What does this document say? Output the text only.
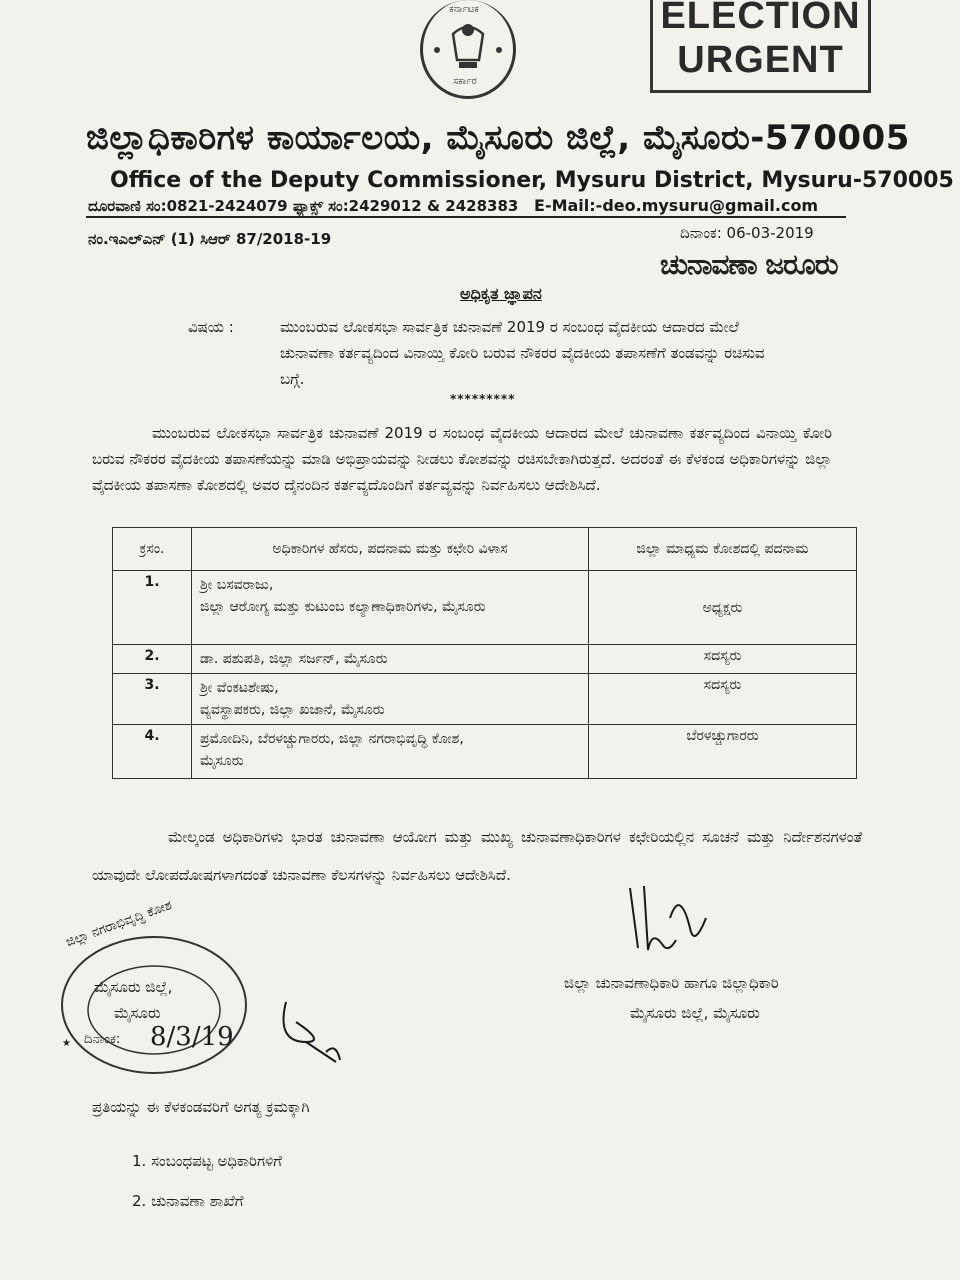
ಕರ್ನಾಟಕ
ಸರ್ಕಾರ
ELECTION
URGENT
ಜಿಲ್ಲಾಧಿಕಾರಿಗಳ ಕಾರ್ಯಾಲಯ, ಮೈಸೂರು ಜಿಲ್ಲೆ, ಮೈಸೂರು-570005
Office of the Deputy Commissioner, Mysuru District, Mysuru-570005
ದೂರವಾಣಿ ಸಂ:0821-2424079 ಫ್ಯಾಕ್ಸ್ ಸಂ:2429012 & 2428383 E-Mail:-deo.mysuru@gmail.com
ನಂ.ಇಎಲ್ಎನ್ (1) ಸಿಆರ್ 87/2018-19	ದಿನಾಂಕ: 06-03-2019
ಚುನಾವಣಾ ಜರೂರು
ಅಧಿಕೃತ ಜ್ಞಾಪನ
ವಿಷಯ :	ಮುಂಬರುವ ಲೋಕಸಭಾ ಸಾರ್ವತ್ರಿಕ ಚುನಾವಣೆ 2019 ರ ಸಂಬಂಧ ವೈದಕೀಯ ಆದಾರದ ಮೇಲೆ ಚುನಾವಣಾ ಕರ್ತವ್ಯದಿಂದ ವಿನಾಯ್ತಿ ಕೋರಿ ಬರುವ ನೌಕರರ ವೈದಕೀಯ ತಪಾಸಣೆಗೆ ತಂಡವನ್ನು ರಚಿಸುವ ಬಗ್ಗೆ.
*********
ಮುಂಬರುವ ಲೋಕಸಭಾ ಸಾರ್ವತ್ರಿಕ ಚುನಾವಣೆ 2019 ರ ಸಂಬಂಧ ವೈದಕೀಯ ಆದಾರದ ಮೇಲೆ ಚುನಾವಣಾ ಕರ್ತವ್ಯದಿಂದ ವಿನಾಯ್ತಿ ಕೋರಿ ಬರುವ ನೌಕರರ ವೈದಕೀಯ ತಪಾಸಣೆಯನ್ನು ಮಾಡಿ ಅಭಿಪ್ರಾಯವನ್ನು ನೀಡಲು ಕೋಶವನ್ನು ರಚಿಸಬೇಕಾಗಿರುತ್ತದೆ. ಅದರಂತೆ ಈ ಕೆಳಕಂಡ ಅಧಿಕಾರಿಗಳನ್ನು ಜಿಲ್ಲಾ ವೈದಕೀಯ ತಪಾಸಣಾ ಕೋಶದಲ್ಲಿ ಅವರ ದೈನಂದಿನ ಕರ್ತವ್ಯದೊಂದಿಗೆ ಕರ್ತವ್ಯವನ್ನು ನಿರ್ವಹಿಸಲು ಆದೇಶಿಸಿದೆ.
ಕ್ರಸಂ.	ಅಧಿಕಾರಿಗಳ ಹೆಸರು, ಪದನಾಮ ಮತ್ತು ಕಛೇರಿ ವಿಳಾಸ	ಜಿಲ್ಲಾ ಮಾಧ್ಯಮ ಕೋಶದಲ್ಲಿ ಪದನಾಮ
1.	ಶ್ರೀ ಬಸವರಾಜು,
ಜಿಲ್ಲಾ ಆರೋಗ್ಯ ಮತ್ತು ಕುಟುಂಬ ಕಲ್ಯಾಣಾಧಿಕಾರಿಗಳು, ಮೈಸೂರು	ಅಧ್ಯಕ್ಷರು
2.	ಡಾ. ಪಶುಪತಿ, ಜಿಲ್ಲಾ ಸರ್ಜನ್, ಮೈಸೂರು	ಸದಸ್ಯರು
3.	ಶ್ರೀ ವೆಂಕಟಶೇಷು,
ವ್ಯವಸ್ಥಾಪಕರು, ಜಿಲ್ಲಾ ಖಜಾನೆ, ಮೈಸೂರು	ಸದಸ್ಯರು
4.	ಪ್ರಮೋದಿನಿ, ಬೆರಳಚ್ಚುಗಾರರು, ಜಿಲ್ಲಾ ನಗರಾಭಿವೃದ್ಧಿ ಕೋಶ,
ಮೈಸೂರು	ಬೆರಳಚ್ಚುಗಾರರು
ಮೇಲ್ಕಂಡ ಅಧಿಕಾರಿಗಳು ಭಾರತ ಚುನಾವಣಾ ಆಯೋಗ ಮತ್ತು ಮುಖ್ಯ ಚುನಾವಣಾಧಿಕಾರಿಗಳ ಕಛೇರಿಯಲ್ಲಿನ ಸೂಚನೆ ಮತ್ತು ನಿರ್ದೇಶನಗಳಂತೆ ಯಾವುದೇ ಲೋಪದೋಷಗಳಾಗದಂತೆ ಚುನಾವಣಾ ಕೆಲಸಗಳನ್ನು ನಿರ್ವಹಿಸಲು ಆದೇಶಿಸಿದೆ.
ಜಿಲ್ಲಾ ಚುನಾವಣಾಧಿಕಾರಿ ಹಾಗೂ ಜಿಲ್ಲಾಧಿಕಾರಿ
ಮೈಸೂರು ಜಿಲ್ಲೆ, ಮೈಸೂರು
★
ಜಿಲ್ಲಾ ನಗರಾಭಿವೃದ್ಧಿ ಕೋಶ
ಮೈಸೂರು ಜಿಲ್ಲೆ,
ಮೈಸೂರು
ದಿನಾಂಕ: 8/3/19
ಪ್ರತಿಯನ್ನು ಈ ಕೆಳಕಂಡವರಿಗೆ ಅಗತ್ಯ ಕ್ರಮಕ್ಕಾಗಿ
1. ಸಂಬಂಧಪಟ್ಟ ಅಧಿಕಾರಿಗಳಿಗೆ
2. ಚುನಾವಣಾ ಶಾಖೆಗೆ
